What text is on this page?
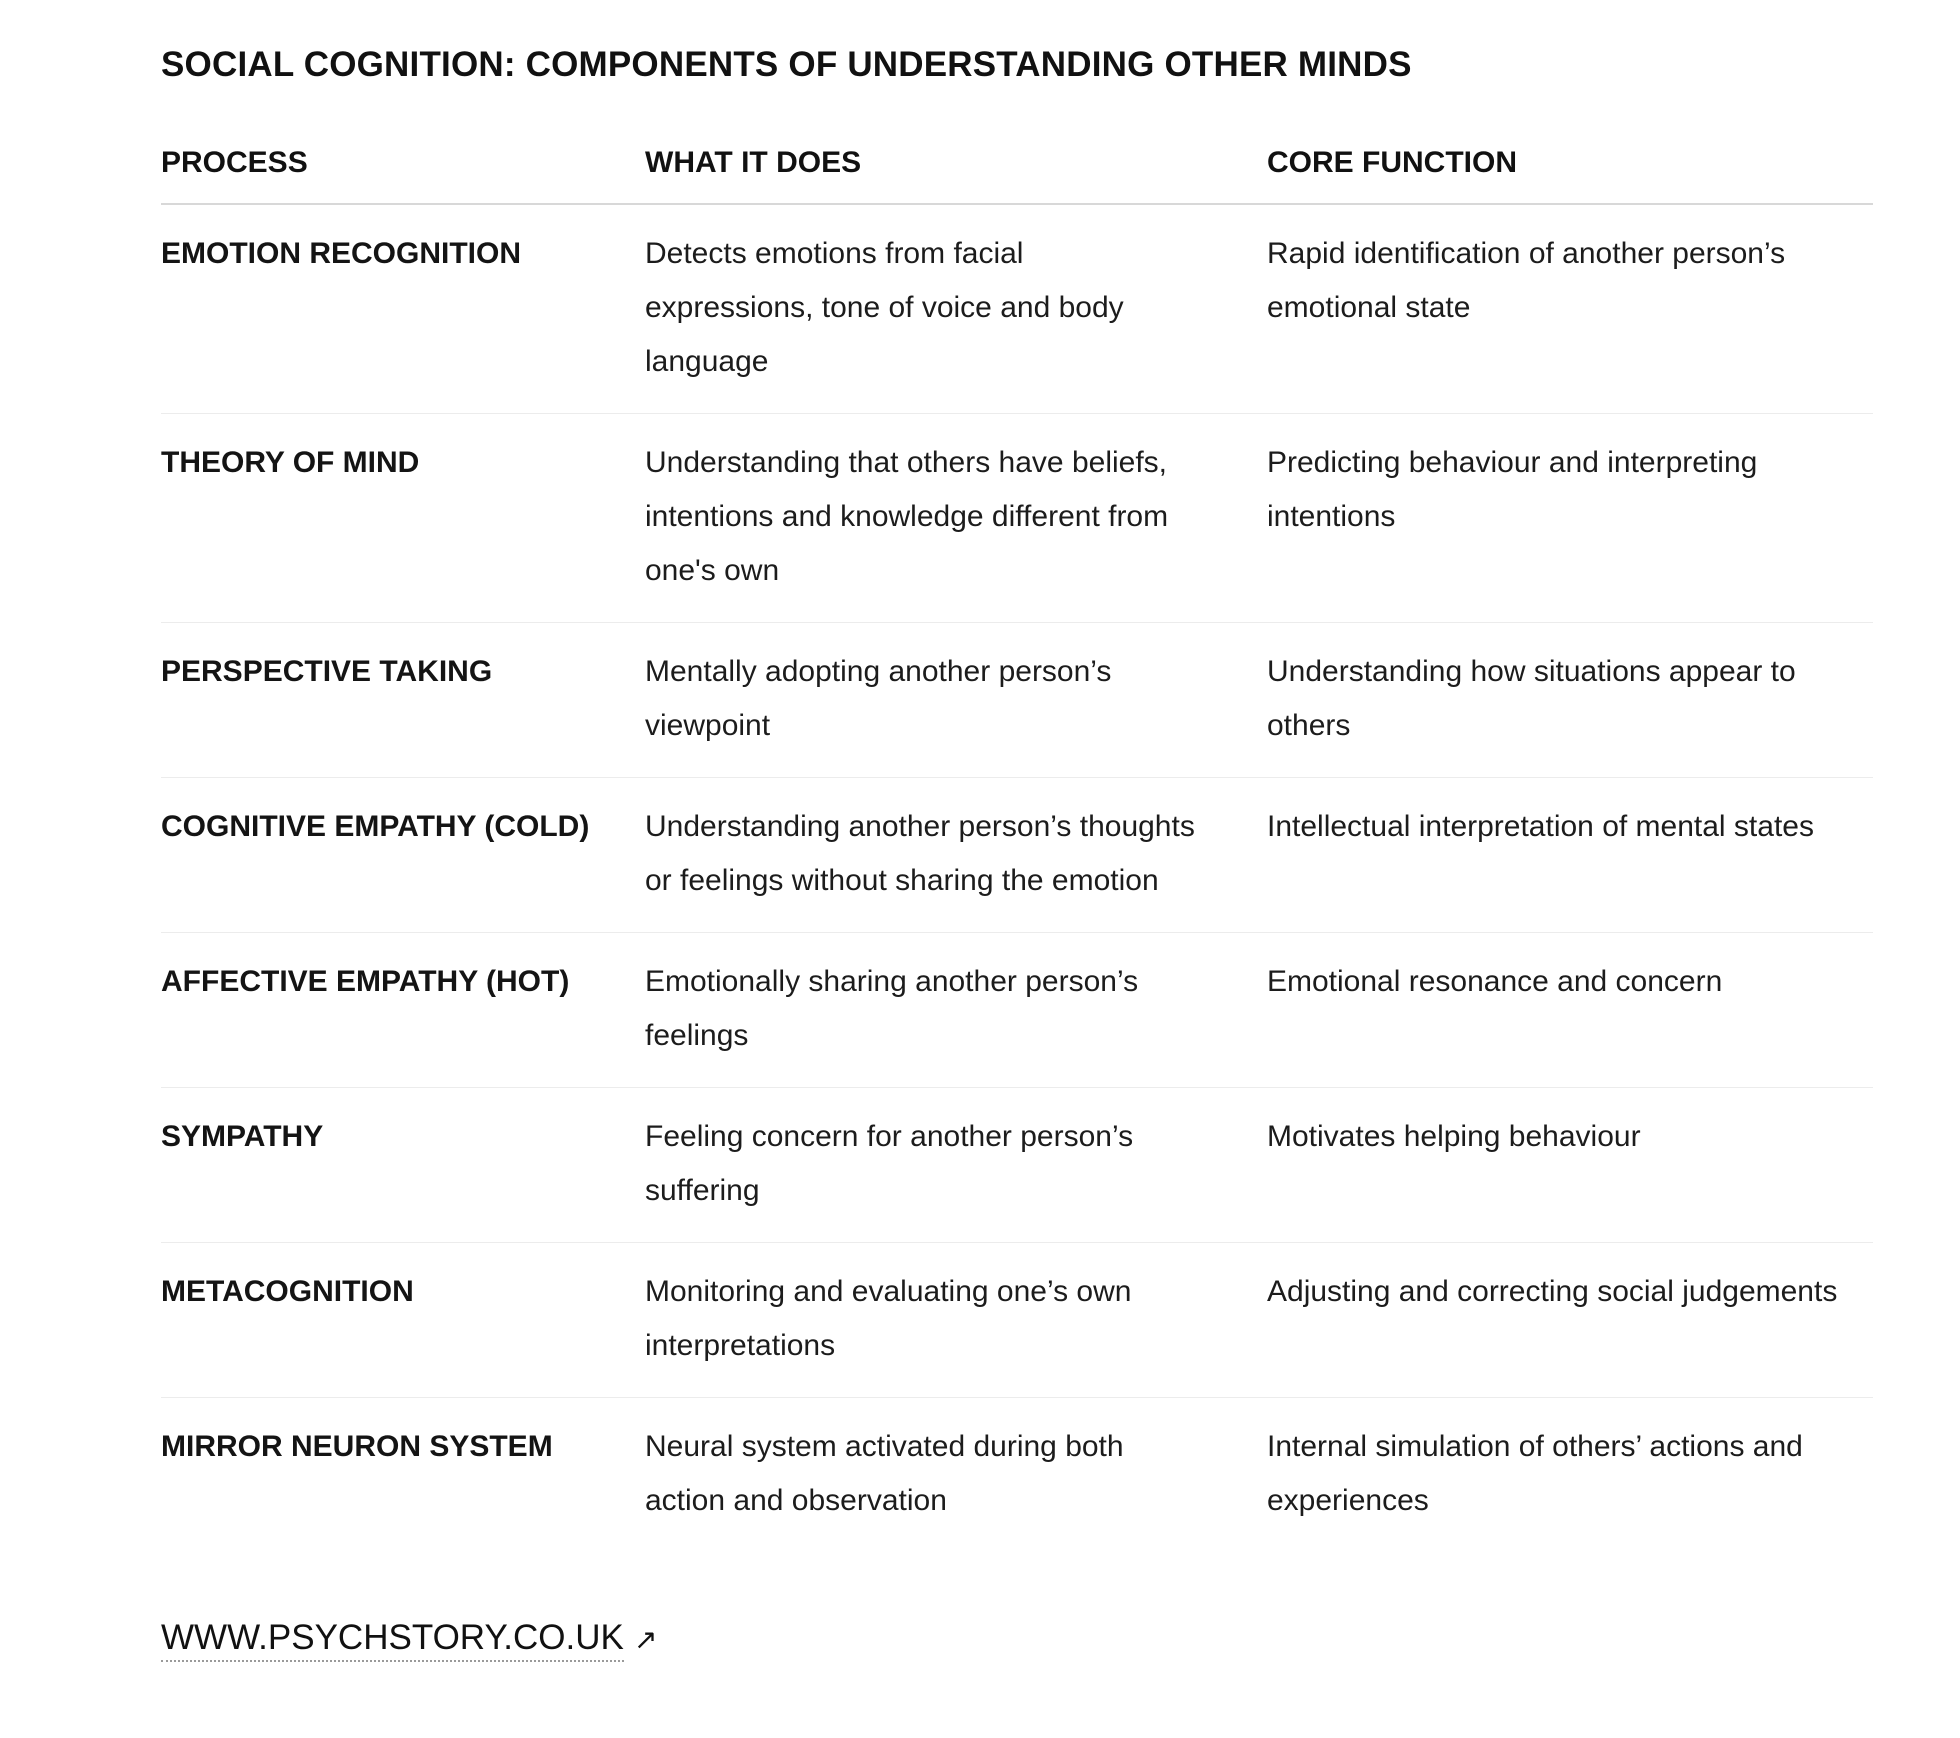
SOCIAL COGNITION: COMPONENTS OF UNDERSTANDING OTHER MINDS
PROCESS	WHAT IT DOES	CORE FUNCTION
EMOTION RECOGNITION	Detects emotions from facial expressions, tone of voice and body language	Rapid identification of another person’s emotional state
THEORY OF MIND	Understanding that others have beliefs, intentions and knowledge different from one's own	Predicting behaviour and interpreting intentions
PERSPECTIVE TAKING	Mentally adopting another person’s viewpoint	Understanding how situations appear to others
COGNITIVE EMPATHY (COLD)	Understanding another person’s thoughts or feelings without sharing the emotion	Intellectual interpretation of mental states
AFFECTIVE EMPATHY (HOT)	Emotionally sharing another person’s feelings	Emotional resonance and concern
SYMPATHY	Feeling concern for another person’s suffering	Motivates helping behaviour
METACOGNITION	Monitoring and evaluating one’s own interpretations	Adjusting and correcting social judgements
MIRROR NEURON SYSTEM	Neural system activated during both action and observation	Internal simulation of others’ actions and experiences
WWW.PSYCHSTORY.CO.UK ↗
